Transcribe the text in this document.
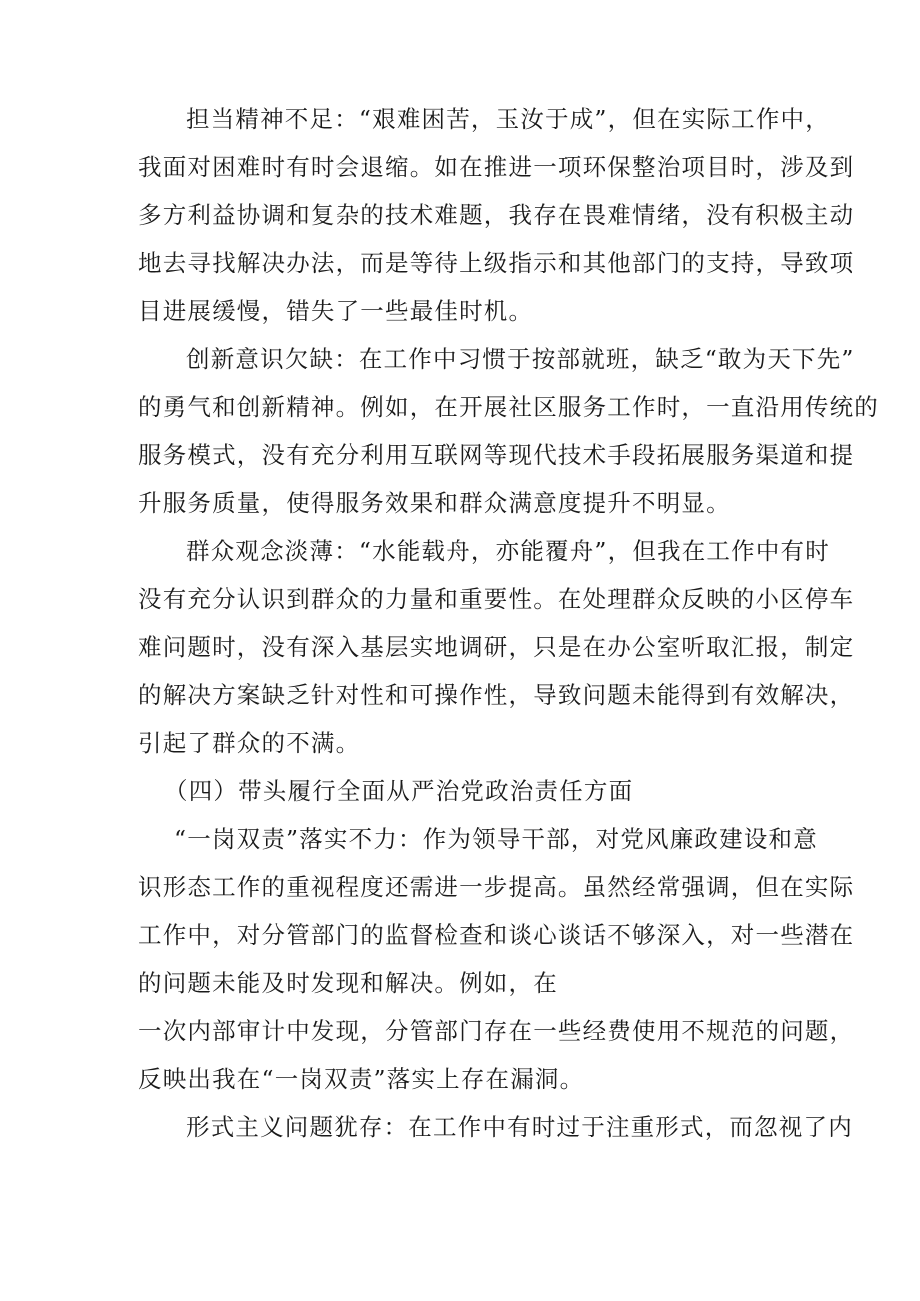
担当精神不足：“艰难困苦，玉汝于成”，但在实际工作中，
我面对困难时有时会退缩。如在推进一项环保整治项目时，涉及到
多方利益协调和复杂的技术难题，我存在畏难情绪，没有积极主动
地去寻找解决办法，而是等待上级指示和其他部门的支持，导致项
目进展缓慢，错失了一些最佳时机。
创新意识欠缺：在工作中习惯于按部就班，缺乏“敢为天下先”
的勇气和创新精神。例如，在开展社区服务工作时，一直沿用传统的
服务模式，没有充分利用互联网等现代技术手段拓展服务渠道和提
升服务质量，使得服务效果和群众满意度提升不明显。
群众观念淡薄：“水能载舟，亦能覆舟”，但我在工作中有时
没有充分认识到群众的力量和重要性。在处理群众反映的小区停车
难问题时，没有深入基层实地调研，只是在办公室听取汇报，制定
的解决方案缺乏针对性和可操作性，导致问题未能得到有效解决，
引起了群众的不满。
（四）带头履行全面从严治党政治责任方面
“一岗双责”落实不力：作为领导干部，对党风廉政建设和意
识形态工作的重视程度还需进一步提高。虽然经常强调，但在实际
工作中，对分管部门的监督检查和谈心谈话不够深入，对一些潜在
的问题未能及时发现和解决。例如，在
一次内部审计中发现，分管部门存在一些经费使用不规范的问题，
反映出我在“一岗双责”落实上存在漏洞。
形式主义问题犹存：在工作中有时过于注重形式，而忽视了内
